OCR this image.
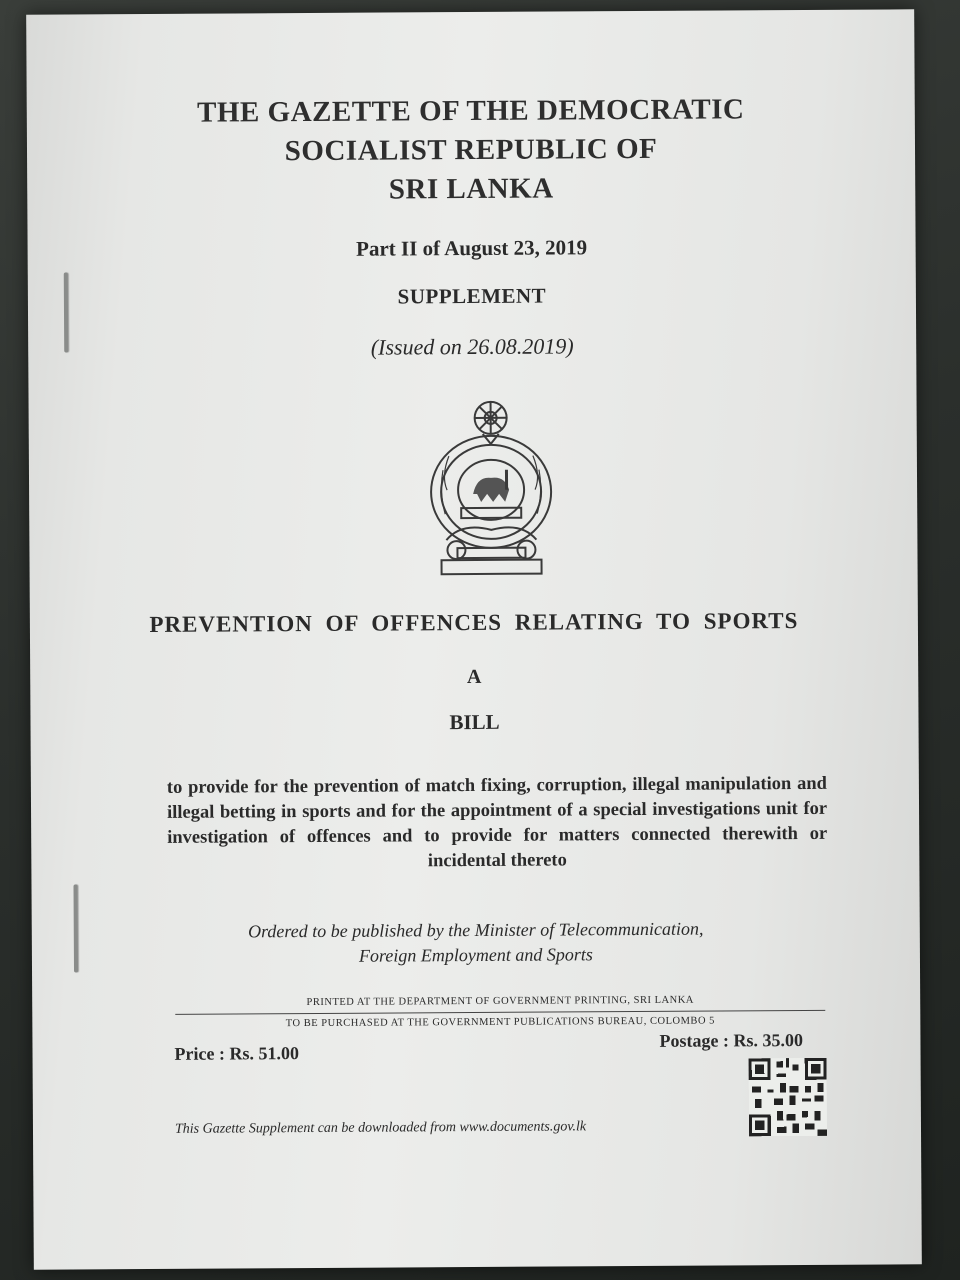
THE GAZETTE OF THE DEMOCRATIC
SOCIALIST REPUBLIC OF
SRI LANKA
Part II of August 23, 2019
SUPPLEMENT
(Issued on 26.08.2019)
PREVENTION OF OFFENCES RELATING TO SPORTS
A
BILL
to provide for the prevention of match fixing, corruption, illegal manipulation and illegal betting in sports and for the appointment of a special investigations unit for investigation of offences and to provide for matters connected therewith or incidental thereto
Ordered to be published by the Minister of Telecommunication,
Foreign Employment and Sports
PRINTED AT THE DEPARTMENT OF GOVERNMENT PRINTING, SRI LANKA
TO BE PURCHASED AT THE GOVERNMENT PUBLICATIONS BUREAU, COLOMBO 5
Price : Rs. 51.00
Postage : Rs. 35.00
This Gazette Supplement can be downloaded from www.documents.gov.lk
